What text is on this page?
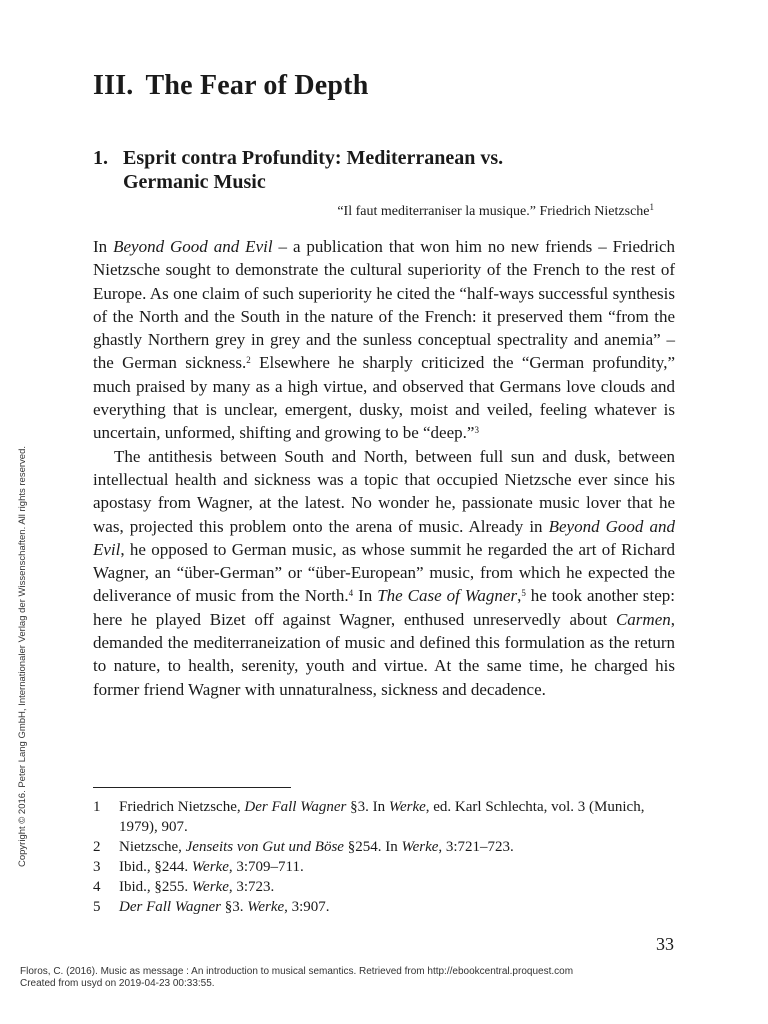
III. The Fear of Depth
1. Esprit contra Profundity: Mediterranean vs.
Germanic Music
“Il faut mediterraniser la musique.” Friedrich Nietzsche$^1$

In Beyond Good and Evil – a publication that won him no new friends – Friedrich Nietzsche sought to demonstrate the cultural superiority of the French to the rest of Europe. As one claim of such superiority he cited the “half-ways successful synthesis of the North and the South in the nature of the French: it preserved them “from the ghastly Northern grey in grey and the sunless conceptual spectrality and anemia” – the German sickness.$^2$ Elsewhere he sharply criticized the “German profundity,” much praised by many as a high virtue, and observed that Germans love clouds and everything that is unclear, emergent, dusky, moist and veiled, feeling whatever is uncertain, unformed, shifting and growing to be “deep.”$^3$

The antithesis between South and North, between full sun and dusk, between intellectual health and sickness was a topic that occupied Nietzsche ever since his apostasy from Wagner, at the latest. No wonder he, passionate music lover that he was, projected this problem onto the arena of music. Already in Beyond Good and Evil, he opposed to German music, as whose summit he regarded the art of Richard Wagner, an “über-German” or “über-European” music, from which he expected the deliverance of music from the North.$^4$ In The Case of Wagner,$^5$ he took another step: here he played Bizet off against Wagner, enthused unreservedly about Carmen, demanded the mediterraneization of music and defined this formulation as the return to nature, to health, serenity, youth and virtue. At the same time, he charged his former friend Wagner with unnaturalness, sickness and decadence.

1 Friedrich Nietzsche, Der Fall Wagner §3. In Werke, ed. Karl Schlechta, vol. 3 (Munich, 1979), 907.
2 Nietzsche, Jenseits von Gut und Böse §254. In Werke, 3:721–723.
3 Ibid., §244. Werke, 3:709–711.
4 Ibid., §255. Werke, 3:723.
5 Der Fall Wagner §3. Werke, 3:907.
33
Copyright © 2016. Peter Lang GmbH, Internationaler Verlag der Wissenschaften. All rights reserved.
Floros, C. (2016). Music as message : An introduction to musical semantics. Retrieved from http://ebookcentral.proquest.com
Created from usyd on 2019-04-23 00:33:55.
